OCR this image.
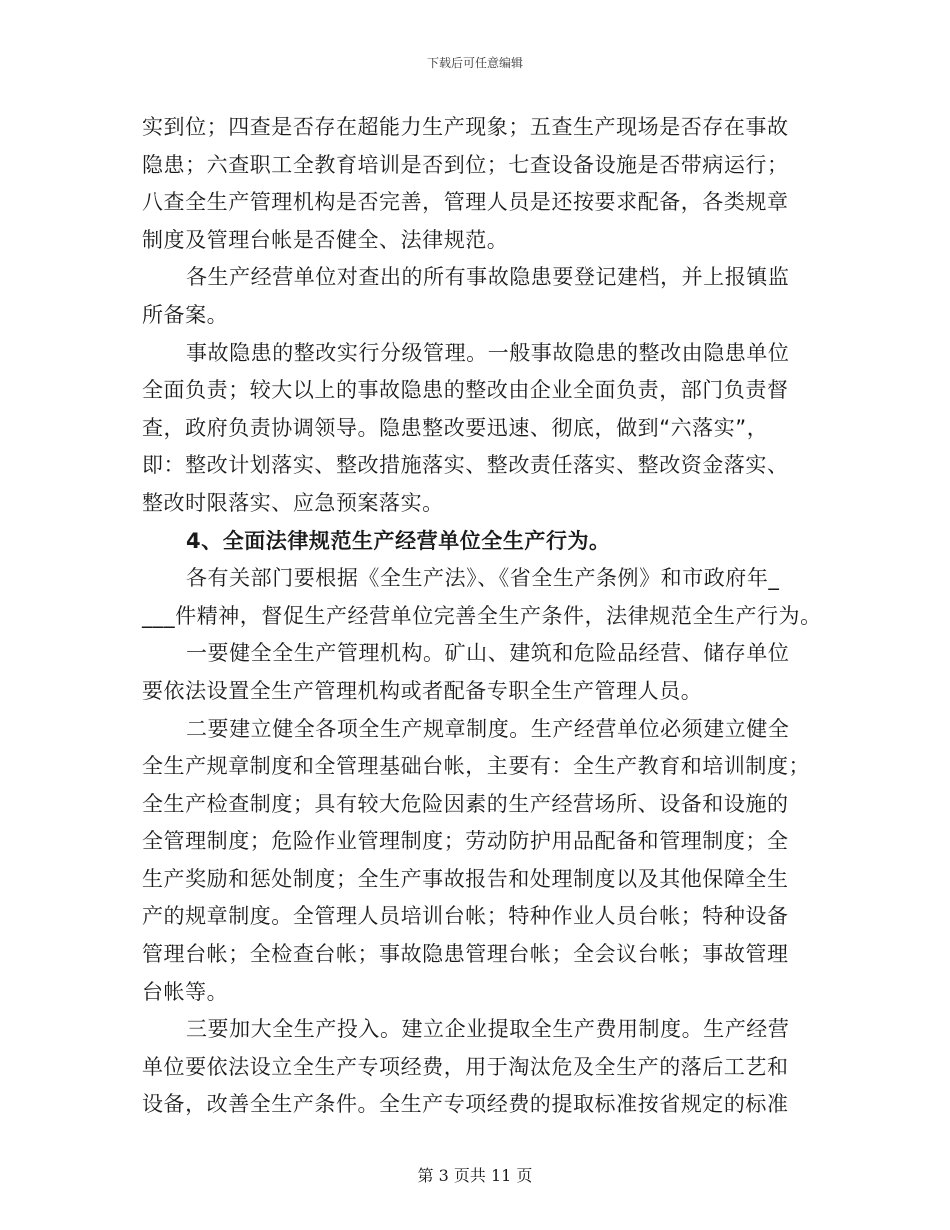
下载后可任意编辑
实到位；四查是否存在超能力生产现象；五查生产现场是否存在事故
隐患；六查职工全教育培训是否到位；七查设备设施是否带病运行；
八查全生产管理机构是否完善，管理人员是还按要求配备，各类规章
制度及管理台帐是否健全、法律规范。
各生产经营单位对查出的所有事故隐患要登记建档，并上报镇监
所备案。
事故隐患的整改实行分级管理。一般事故隐患的整改由隐患单位
全面负责；较大以上的事故隐患的整改由企业全面负责，部门负责督
查，政府负责协调领导。隐患整改要迅速、彻底，做到“六落实”，
即：整改计划落实、整改措施落实、整改责任落实、整改资金落实、
整改时限落实、应急预案落实。
4、全面法律规范生产经营单位全生产行为。
各有关部门要根据《全生产法》、《省全生产条例》和市政府年_
___件精神，督促生产经营单位完善全生产条件，法律规范全生产行为。
一要健全全生产管理机构。矿山、建筑和危险品经营、储存单位
要依法设置全生产管理机构或者配备专职全生产管理人员。
二要建立健全各项全生产规章制度。生产经营单位必须建立健全
全生产规章制度和全管理基础台帐，主要有：全生产教育和培训制度；
全生产检查制度；具有较大危险因素的生产经营场所、设备和设施的
全管理制度；危险作业管理制度；劳动防护用品配备和管理制度；全
生产奖励和惩处制度；全生产事故报告和处理制度以及其他保障全生
产的规章制度。全管理人员培训台帐；特种作业人员台帐；特种设备
管理台帐；全检查台帐；事故隐患管理台帐；全会议台帐；事故管理
台帐等。
三要加大全生产投入。建立企业提取全生产费用制度。生产经营
单位要依法设立全生产专项经费，用于淘汰危及全生产的落后工艺和
设备，改善全生产条件。全生产专项经费的提取标准按省规定的标准
第 3 页共 11 页
